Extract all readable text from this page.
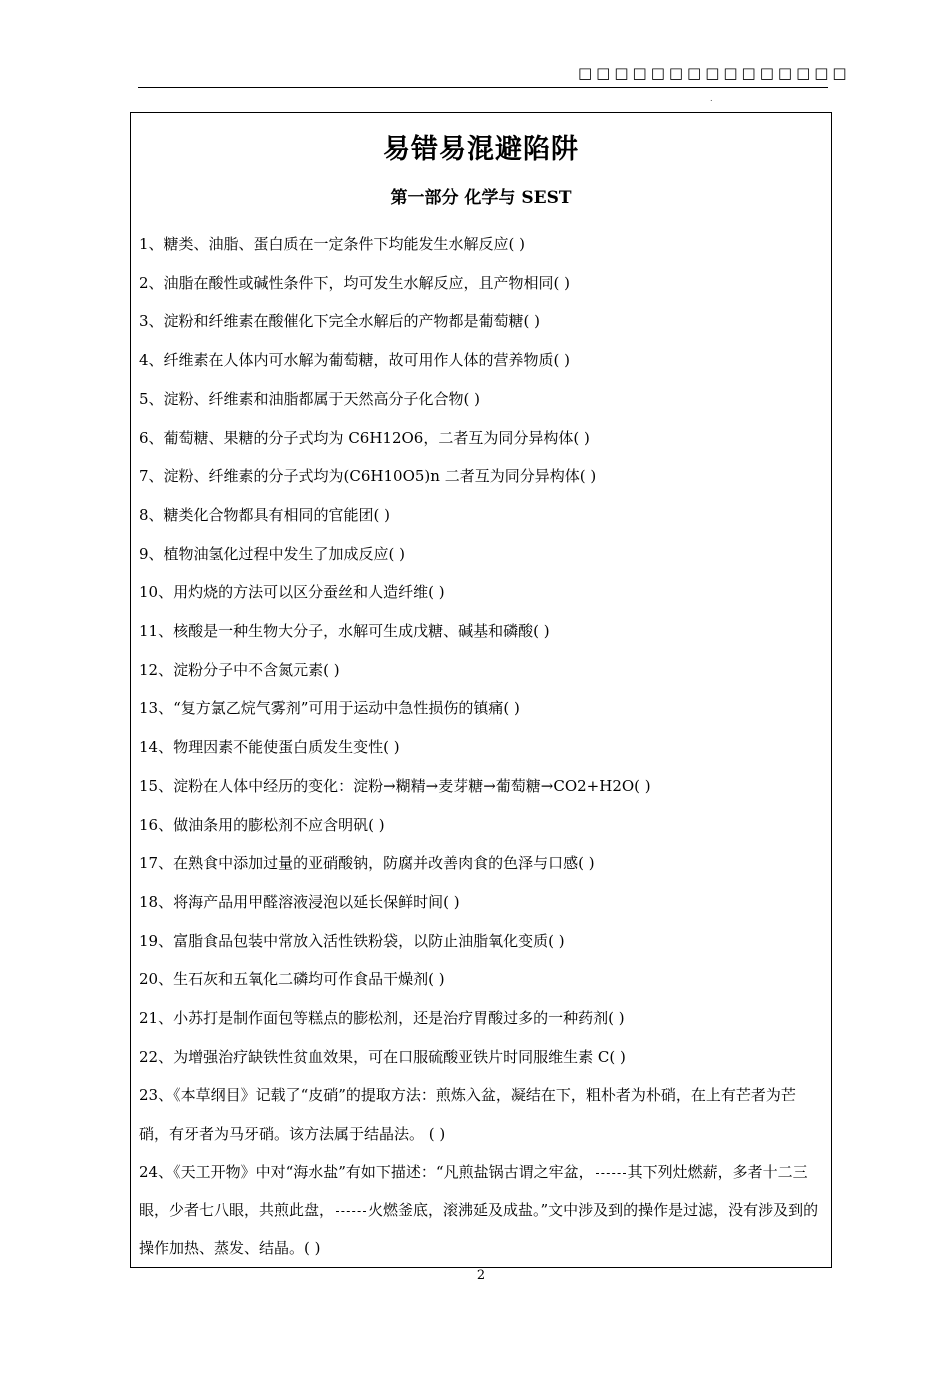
□□□□□□□□□□□□□□□
.
易错易混避陷阱
第一部分 化学与 SEST
1、糖类、油脂、蛋白质在一定条件下均能发生水解反应( )
2、油脂在酸性或碱性条件下，均可发生水解反应，且产物相同( )
3、淀粉和纤维素在酸催化下完全水解后的产物都是葡萄糖( )
4、纤维素在人体内可水解为葡萄糖，故可用作人体的营养物质( )
5、淀粉、纤维素和油脂都属于天然高分子化合物( )
6、葡萄糖、果糖的分子式均为 C6H12O6，二者互为同分异构体( )
7、淀粉、纤维素的分子式均为(C6H10O5)n 二者互为同分异构体( )
8、糖类化合物都具有相同的官能团( )
9、植物油氢化过程中发生了加成反应( )
10、用灼烧的方法可以区分蚕丝和人造纤维( )
11、核酸是一种生物大分子，水解可生成戊糖、碱基和磷酸( )
12、淀粉分子中不含氮元素( )
13、“复方氯乙烷气雾剂”可用于运动中急性损伤的镇痛( )
14、物理因素不能使蛋白质发生变性( )
15、淀粉在人体中经历的变化：淀粉→糊精→麦芽糖→葡萄糖→CO2+H2O( )
16、做油条用的膨松剂不应含明矾( )
17、在熟食中添加过量的亚硝酸钠，防腐并改善肉食的色泽与口感( )
18、将海产品用甲醛溶液浸泡以延长保鲜时间( )
19、富脂食品包装中常放入活性铁粉袋，以防止油脂氧化变质( )
20、生石灰和五氧化二磷均可作食品干燥剂( )
21、小苏打是制作面包等糕点的膨松剂，还是治疗胃酸过多的一种药剂( )
22、为增强治疗缺铁性贫血效果，可在口服硫酸亚铁片时同服维生素 C( )
23、《本草纲目》记载了“皮硝”的提取方法：煎炼入盆，凝结在下，粗朴者为朴硝，在上有芒者为芒硝，有牙者为马牙硝。该方法属于结晶法。 ( )
24、《天工开物》中对“海水盐”有如下描述：“凡煎盐锅古谓之牢盆， 其下列灶燃薪，多者十二三眼，少者七八眼，共煎此盘， 火燃釜底，滚沸延及成盐。”文中涉及到的操作是过滤，没有涉及到的操作加热、蒸发、结晶。( )
2
